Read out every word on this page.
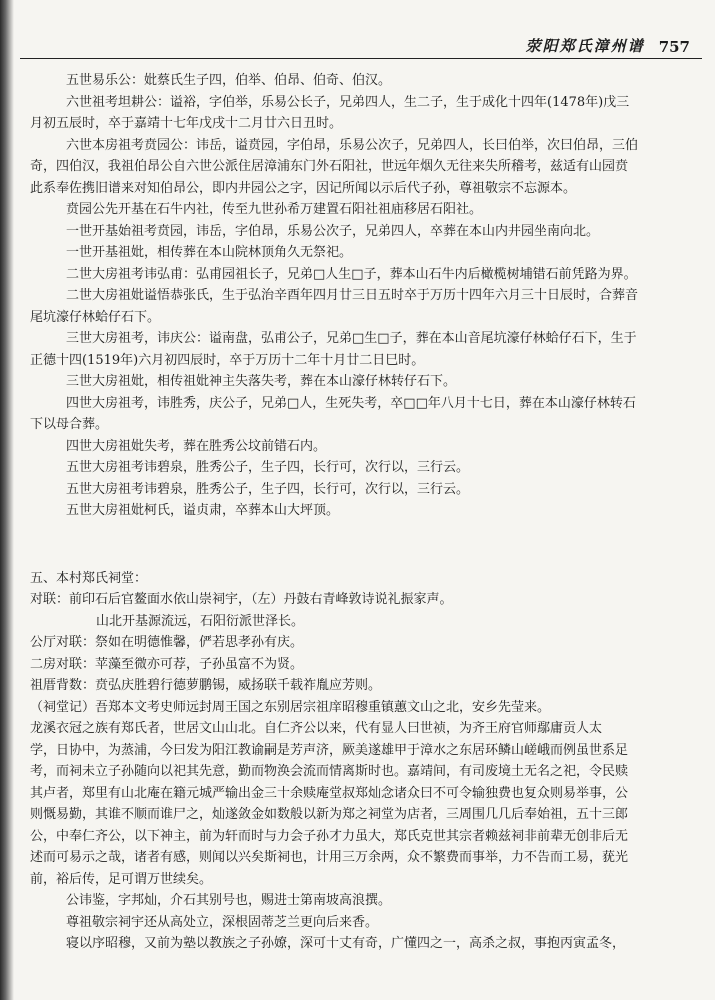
荥阳郑氏漳州谱 757
五世易乐公：妣蔡氏生子四，伯举、伯昂、伯奇、伯汉。
六世祖考坦耕公：谥裕，字伯举，乐易公长子，兄弟四人，生二子，生于成化十四年(1478年)戊三
月初五辰时，卒于嘉靖十七年戊戌十二月廿六日丑时。
六世本房祖考贲园公：讳岳，谥贲园，字伯昂，乐易公次子，兄弟四人，长曰伯举，次曰伯昂，三伯
奇，四伯汉，我祖伯昂公自六世公派住居漳浦东门外石阳社，世远年烟久无往来失所稽考，兹适有山园贲
此系奉佐携旧谱来对知伯昂公，即内井园公之字，因记所闻以示后代子孙，尊祖敬宗不忘源本。
贲园公先开基在石牛内社，传至九世孙希万建置石阳社祖庙移居石阳社。
一世开基始祖考贲园，讳岳，字伯昂，乐易公次子，兄弟四人，卒葬在本山内井园坐南向北。
一世开基祖妣，相传葬在本山院林顶角久无祭祀。
二世大房祖考讳弘甫：弘甫园祖长子，兄弟□人生□子，葬本山石牛内后橄榄树埔错石前凭路为界。
二世大房祖妣谥悟恭张氏，生于弘治辛酉年四月廿三日五时卒于万历十四年六月三十日辰时，合葬音
尾坑濠仔林蛤仔石下。
三世大房祖考，讳庆公：谥南盘，弘甫公子，兄弟□生□子，葬在本山音尾坑濠仔林蛤仔石下，生于
正德十四(1519年)六月初四辰时，卒于万历十二年十月廿二日巳时。
三世大房祖妣，相传祖妣神主失落失考，葬在本山濠仔林转仔石下。
四世大房祖考，讳胜秀，庆公子，兄弟□人，生死失考，卒□□年八月十七日，葬在本山濠仔林转石
下以母合葬。
四世大房祖妣失考，葬在胜秀公坟前错石内。
五世大房祖考讳碧泉，胜秀公子，生子四，长行可，次行以，三行云。
五世大房祖考讳碧泉，胜秀公子，生子四，长行可，次行以，三行云。
五世大房祖妣柯氏，谥贞肃，卒葬本山大坪顶。
五、本村郑氏祠堂：
对联：前印石后官鳌面水依山崇祠宇，（左）丹鼓右青峰敦诗说礼振家声。
山北开基源流远，石阳衍派世泽长。
公厅对联：祭如在明德惟馨，俨若思孝孙有庆。
二房对联：苹藻至微亦可荐，子孙虽富不为贤。
祖厝背数：贲弘庆胜碧行德萝鹏锡，威扬联千载祚胤应芳则。
（祠堂记）吾郑本文考史师远封周王国之东别居宗祖庠昭穆重镇蕙文山之北，安乡先莹来。
龙溪衣冠之族有郑氏者，世居文山山北。自仁齐公以来，代有显人曰世祯，为齐王府官师鄢庸贡人太
学，日协中，为蒸浦，今曰发为阳江教谕嗣是芳声济，厥美遂雄甲于漳水之东居环鳞山嵯峨而例虽世系足
考，而祠未立子孙随向以祀其先意，勤而物涣会流而情离斯时也。嘉靖间，有司废境土无名之祀，令民赎
其卢者，郑里有山北庵在籍元城严输出金三十余赎庵堂叔郑灿念诸众曰不可令输独费也复众则易举事，公
则慨易勤，其谁不顺而谁尸之，灿遂敛金如数般以新为郑之祠堂为店者，三周围几几后奉始祖，五十三郎
公，中奉仁齐公，以下神主，前为轩而时与力会子孙才力虽大，郑氏克世其宗者赖兹祠非前辈无创非后无
述而可易示之哉，诸者有感，则闻以兴矣斯祠也，计用三万余两，众不繁费而事举，力不告而工易，莸光
前，裕后传，足可谓万世续矣。
公讳鉴，字邦灿，介石其别号也，赐进士第南坡高浪撰。
尊祖敬宗祠宇还从高处立，深根固蒂芝兰更向后来香。
寝以序昭穆，又前为塾以教族之子孙嫽，深可十丈有奇，广懂四之一，高杀之叔，事抱丙寅孟冬，
